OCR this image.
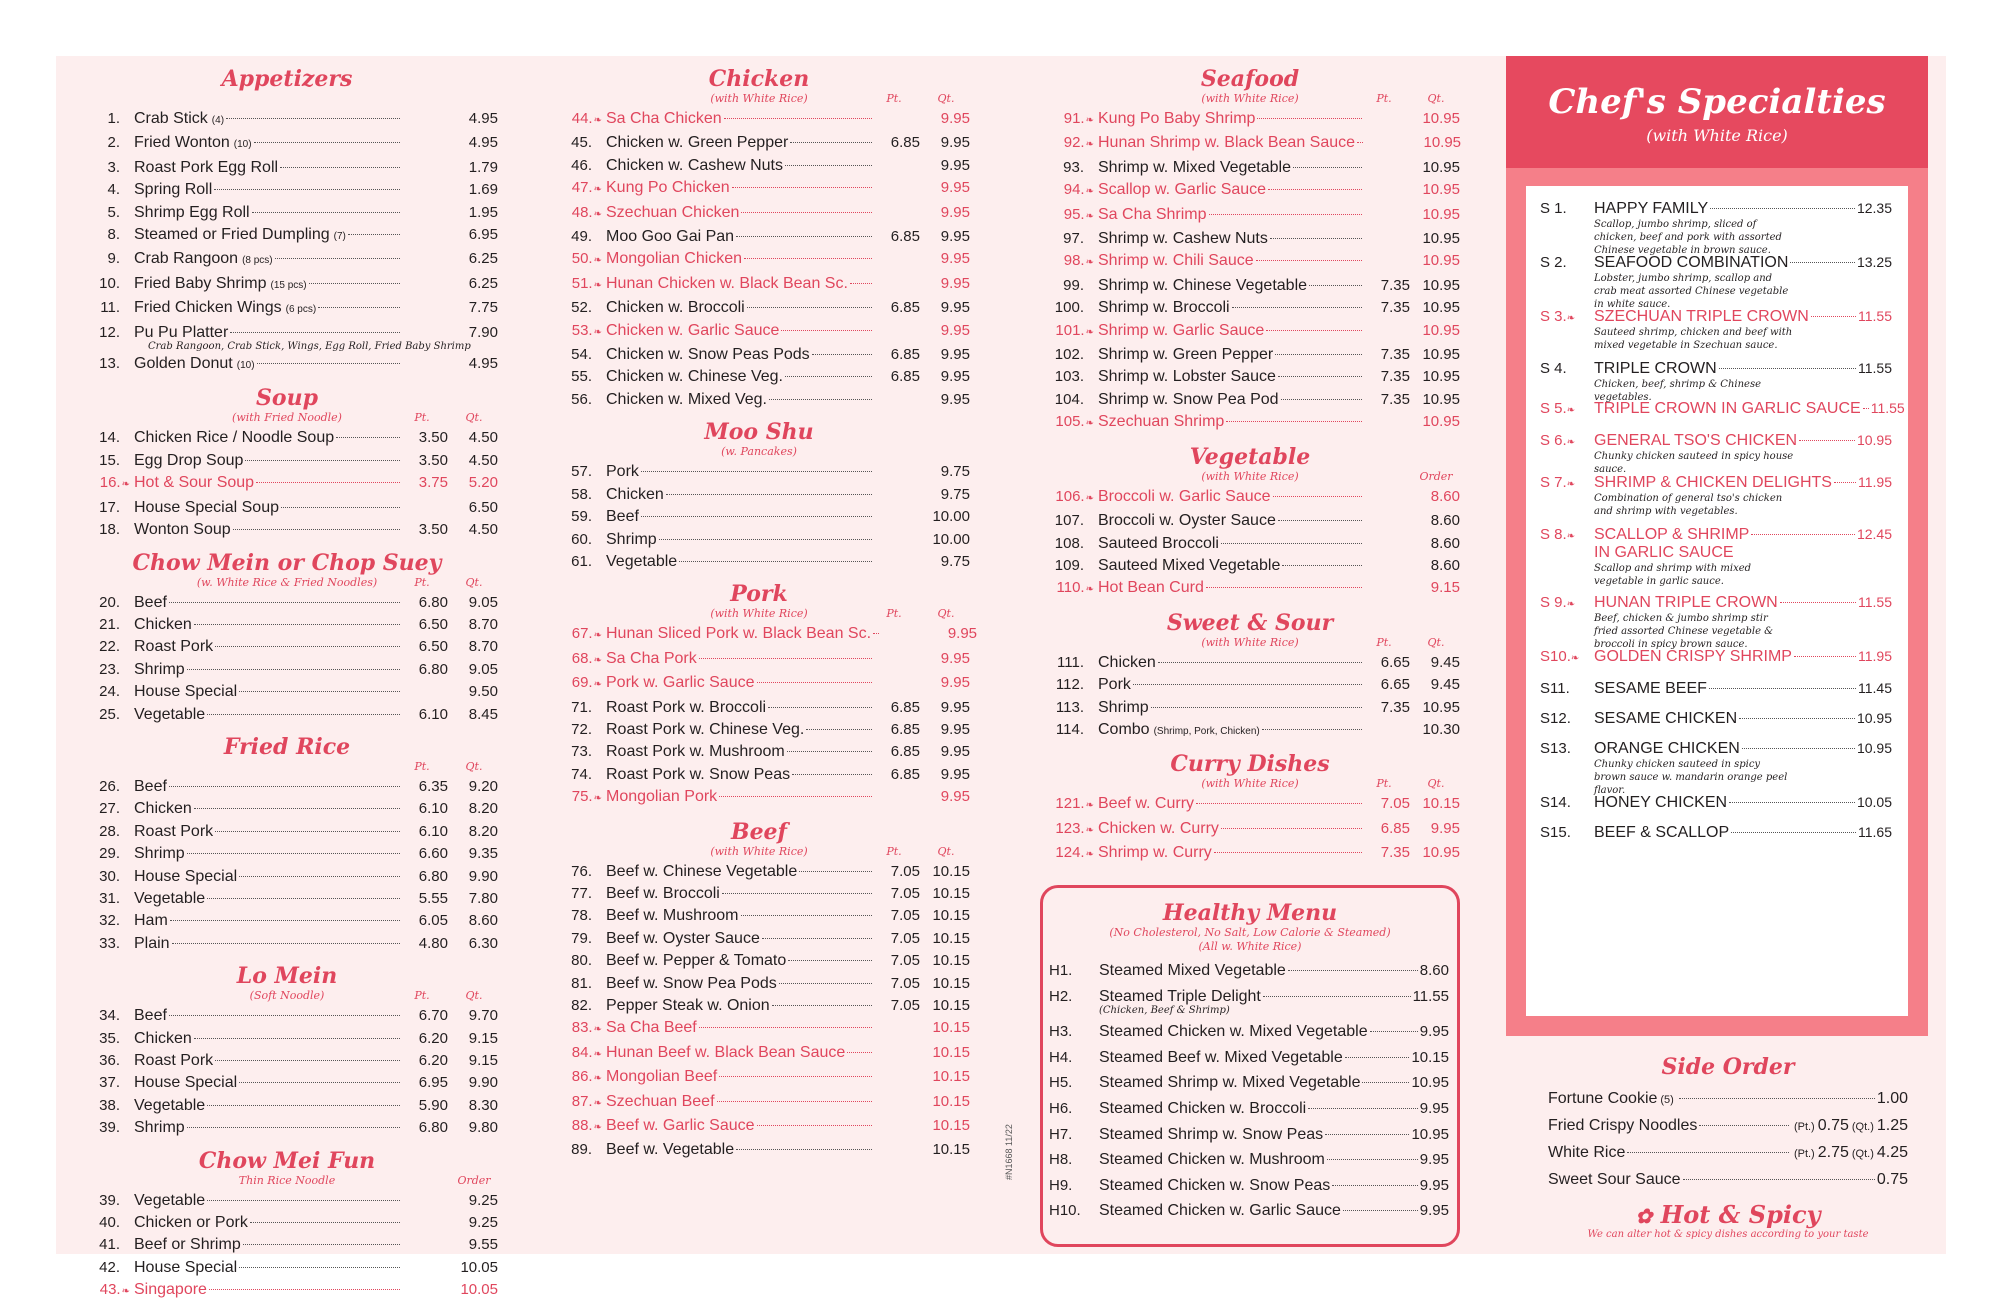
Appetizers
1. Crab Stick (4)	4.95
2. Fried Wonton (10)	4.95
3. Roast Pork Egg Roll	1.79
4. Spring Roll	1.69
5. Shrimp Egg Roll	1.95
8. Steamed or Fried Dumpling (7)	6.95
9. Crab Rangoon (8 pcs)	6.25
10. Fried Baby Shrimp (15 pcs)	6.25
11. Fried Chicken Wings (6 pcs)	7.75
12. Pu Pu Platter	7.90
Crab Rangoon, Crab Stick, Wings, Egg Roll, Fried Baby Shrimp
13. Golden Donut (10)	4.95
Soup
(with Fried Noodle)	Pt.	Qt.
14. Chicken Rice / Noodle Soup	3.50	4.50
15. Egg Drop Soup	3.50	4.50
16.❧ Hot & Sour Soup	3.75	5.20
17. House Special Soup	6.50
18. Wonton Soup	3.50	4.50
Chow Mein or Chop Suey
(w. White Rice & Fried Noodles)	Pt.	Qt.
20. Beef	6.80	9.05
21. Chicken	6.50	8.70
22. Roast Pork	6.50	8.70
23. Shrimp	6.80	9.05
24. House Special	9.50
25. Vegetable	6.10	8.45
Fried Rice
Pt.	Qt.
26. Beef	6.35	9.20
27. Chicken	6.10	8.20
28. Roast Pork	6.10	8.20
29. Shrimp	6.60	9.35
30. House Special	6.80	9.90
31. Vegetable	5.55	7.80
32. Ham	6.05	8.60
33. Plain	4.80	6.30
Lo Mein
(Soft Noodle)	Pt.	Qt.
34. Beef	6.70	9.70
35. Chicken	6.20	9.15
36. Roast Pork	6.20	9.15
37. House Special	6.95	9.90
38. Vegetable	5.90	8.30
39. Shrimp	6.80	9.80
Chow Mei Fun
Thin Rice Noodle	Order
39. Vegetable	9.25
40. Chicken or Pork	9.25
41. Beef or Shrimp	9.55
42. House Special	10.05
43.❧ Singapore	10.05
Chicken
(with White Rice)	Pt.	Qt.
44.❧ Sa Cha Chicken	9.95
45. Chicken w. Green Pepper	6.85	9.95
46. Chicken w. Cashew Nuts	9.95
47.❧ Kung Po Chicken	9.95
48.❧ Szechuan Chicken	9.95
49. Moo Goo Gai Pan	6.85	9.95
50.❧ Mongolian Chicken	9.95
51.❧ Hunan Chicken w. Black Bean Sc.	9.95
52. Chicken w. Broccoli	6.85	9.95
53.❧ Chicken w. Garlic Sauce	9.95
54. Chicken w. Snow Peas Pods	6.85	9.95
55. Chicken w. Chinese Veg.	6.85	9.95
56. Chicken w. Mixed Veg.	9.95
Moo Shu
(w. Pancakes)
57. Pork	9.75
58. Chicken	9.75
59. Beef	10.00
60. Shrimp	10.00
61. Vegetable	9.75
Pork
(with White Rice)	Pt.	Qt.
67.❧ Hunan Sliced Pork w. Black Bean Sc.	9.95
68.❧ Sa Cha Pork	9.95
69.❧ Pork w. Garlic Sauce	9.95
71. Roast Pork w. Broccoli	6.85	9.95
72. Roast Pork w. Chinese Veg.	6.85	9.95
73. Roast Pork w. Mushroom	6.85	9.95
74. Roast Pork w. Snow Peas	6.85	9.95
75.❧ Mongolian Pork	9.95
Beef
(with White Rice)	Pt.	Qt.
76. Beef w. Chinese Vegetable	7.05 10.15
77. Beef w. Broccoli	7.05 10.15
78. Beef w. Mushroom	7.05 10.15
79. Beef w. Oyster Sauce	7.05 10.15
80. Beef w. Pepper & Tomato	7.05 10.15
81. Beef w. Snow Pea Pods	7.05 10.15
82. Pepper Steak w. Onion	7.05 10.15
83.❧ Sa Cha Beef	10.15
84.❧ Hunan Beef w. Black Bean Sauce	10.15
86.❧ Mongolian Beef	10.15
87.❧ Szechuan Beef	10.15
88.❧ Beef w. Garlic Sauce	10.15
89. Beef w. Vegetable	10.15
Seafood
(with White Rice)	Pt.	Qt.
91.❧ Kung Po Baby Shrimp	10.95
92.❧ Hunan Shrimp w. Black Bean Sauce	10.95
93. Shrimp w. Mixed Vegetable	10.95
94.❧ Scallop w. Garlic Sauce	10.95
95.❧ Sa Cha Shrimp	10.95
97. Shrimp w. Cashew Nuts	10.95
98.❧ Shrimp w. Chili Sauce	10.95
99. Shrimp w. Chinese Vegetable	7.35 10.95
100. Shrimp w. Broccoli	7.35 10.95
101.❧ Shrimp w. Garlic Sauce	10.95
102. Shrimp w. Green Pepper	7.35 10.95
103. Shrimp w. Lobster Sauce	7.35 10.95
104. Shrimp w. Snow Pea Pod	7.35 10.95
105.❧ Szechuan Shrimp	10.95
Vegetable
(with White Rice)	Order
106.❧ Broccoli w. Garlic Sauce	8.60
107. Broccoli w. Oyster Sauce	8.60
108. Sauteed Broccoli	8.60
109. Sauteed Mixed Vegetable	8.60
110.❧ Hot Bean Curd	9.15
Sweet & Sour
(with White Rice)	Pt.	Qt.
111. Chicken	6.65	9.45
112. Pork	6.65	9.45
113. Shrimp	7.35 10.95
114. Combo (Shrimp, Pork, Chicken)	10.30
Curry Dishes
(with White Rice)	Pt.	Qt.
121.❧ Beef w. Curry	7.05 10.15
123.❧ Chicken w. Curry	6.85	9.95
124.❧ Shrimp w. Curry	7.35 10.95
Chef's Specialties
(with White Rice)
S 1.	HAPPY FAMILY	12.35
Scallop, jumbo shrimp, sliced of chicken, beef and pork with assorted Chinese vegetable in brown sauce.
S 2.	SEAFOOD COMBINATION	13.25
Lobster, jumbo shrimp, scallop and crab meat assorted Chinese vegetable in white sauce.
S 3.❧	SZECHUAN TRIPLE CROWN	11.55
Sauteed shrimp, chicken and beef with mixed vegetable in Szechuan sauce.
S 4.	TRIPLE CROWN	11.55
Chicken, beef, shrimp & Chinese vegetables.
S 5.❧	TRIPLE CROWN IN GARLIC SAUCE 11.55
S 6.❧	GENERAL TSO'S CHICKEN	10.95
Chunky chicken sauteed in spicy house sauce.
S 7.❧	SHRIMP & CHICKEN DELIGHTS 11.95
Combination of general tso's chicken and shrimp with vegetables.
S 8.❧	SCALLOP & SHRIMP	12.45
IN GARLIC SAUCE
Scallop and shrimp with mixed vegetable in garlic sauce.
S 9.❧	HUNAN TRIPLE CROWN	11.55
Beef, chicken & jumbo shrimp stir fried assorted Chinese vegetable & broccoli in spicy brown sauce.
S10.❧ GOLDEN CRISPY SHRIMP	11.95
S11.	SESAME BEEF	11.45
S12.	SESAME CHICKEN	10.95
S13.	ORANGE CHICKEN	10.95
Chunky chicken sauteed in spicy brown sauce w. mandarin orange peel flavor.
S14.	HONEY CHICKEN	10.05
S15.	BEEF & SCALLOP	11.65
Healthy Menu
(No Cholesterol, No Salt, Low Calorie & Steamed)
(All w. White Rice)
H1.	Steamed Mixed Vegetable	8.60
H2.	Steamed Triple Delight	11.55
(Chicken, Beef & Shrimp)
H3.	Steamed Chicken w. Mixed Vegetable	9.95
H4.	Steamed Beef w. Mixed Vegetable	10.15
H5.	Steamed Shrimp w. Mixed Vegetable	10.95
H6.	Steamed Chicken w. Broccoli	9.95
H7.	Steamed Shrimp w. Snow Peas	10.95
H8.	Steamed Chicken w. Mushroom	9.95
H9.	Steamed Chicken w. Snow Peas	9.95
H10.	Steamed Chicken w. Garlic Sauce	9.95
Side Order
Fortune Cookie (5)	1.00
Fried Crispy Noodles	(Pt.) 0.75 (Qt.) 1.25
White Rice	(Pt.) 2.75 (Qt.) 4.25
Sweet Sour Sauce	0.75
✿ Hot & Spicy
We can alter hot & spicy dishes according to your taste
#N1668 11/22
